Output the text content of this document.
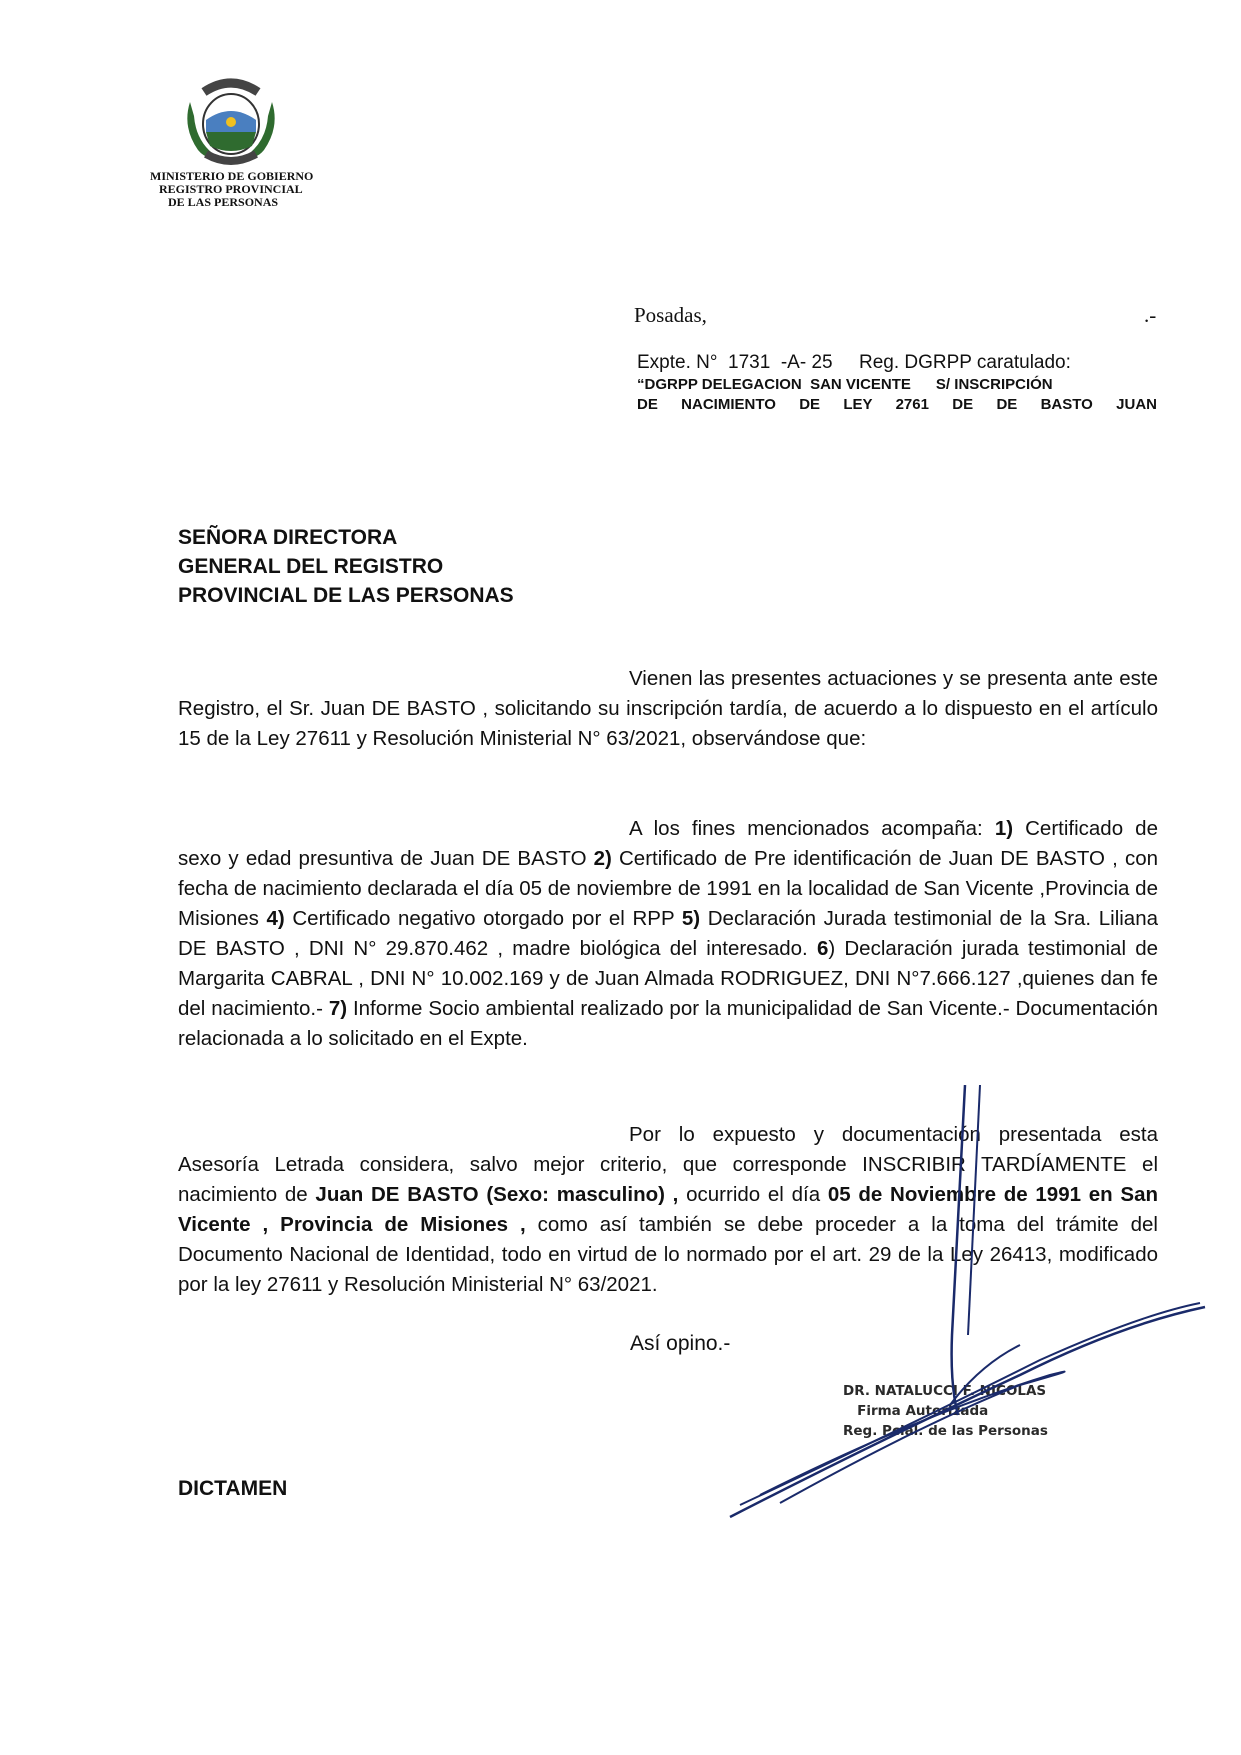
MINISTERIO DE GOBIERNO
REGISTRO PROVINCIAL
DE LAS PERSONAS
Posadas,	.-
Expte. N°  1731  -A- 25     Reg. DGRPP caratulado:
“DGRPP DELEGACION  SAN VICENTE      S/ INSCRIPCIÓN
DE NACIMIENTO DE LEY 2761 DE DE BASTO JUAN
SEÑORA DIRECTORA
GENERAL DEL REGISTRO
PROVINCIAL DE LAS PERSONAS
Vienen las presentes actuaciones y se presenta ante este Registro, el Sr. Juan DE BASTO , solicitando su inscripción tardía, de acuerdo a lo dispuesto en el artículo 15 de la Ley 27611 y Resolución Ministerial N° 63/2021, observándose que:
A los fines mencionados acompaña: 1) Certificado de sexo y edad presuntiva de Juan DE BASTO 2) Certificado de Pre identificación de Juan DE BASTO , con fecha de nacimiento declarada el día 05 de noviembre de 1991 en la localidad de San Vicente ,Provincia de Misiones 4) Certificado negativo otorgado por el RPP 5) Declaración Jurada testimonial de la Sra. Liliana DE BASTO , DNI N° 29.870.462 , madre biológica del interesado. 6) Declaración jurada testimonial de Margarita CABRAL , DNI N° 10.002.169 y de Juan Almada RODRIGUEZ, DNI N°7.666.127 ,quienes dan fe del nacimiento.- 7) Informe Socio ambiental realizado por la municipalidad de San Vicente.- Documentación relacionada a lo solicitado en el Expte.
Por lo expuesto y documentación presentada esta Asesoría Letrada considera, salvo mejor criterio, que corresponde INSCRIBIR TARDÍAMENTE el nacimiento de Juan DE BASTO (Sexo: masculino) , ocurrido el día 05 de Noviembre de 1991 en San Vicente , Provincia de Misiones , como así también se debe proceder a la toma del trámite del Documento Nacional de Identidad, todo en virtud de lo normado por el art. 29 de la Ley 26413, modificado por la ley 27611 y Resolución Ministerial N° 63/2021.
Así opino.-
DR. NATALUCCI F. NICOLAS
Firma Autorizada
Reg. Pcial. de las Personas
DICTAMEN
